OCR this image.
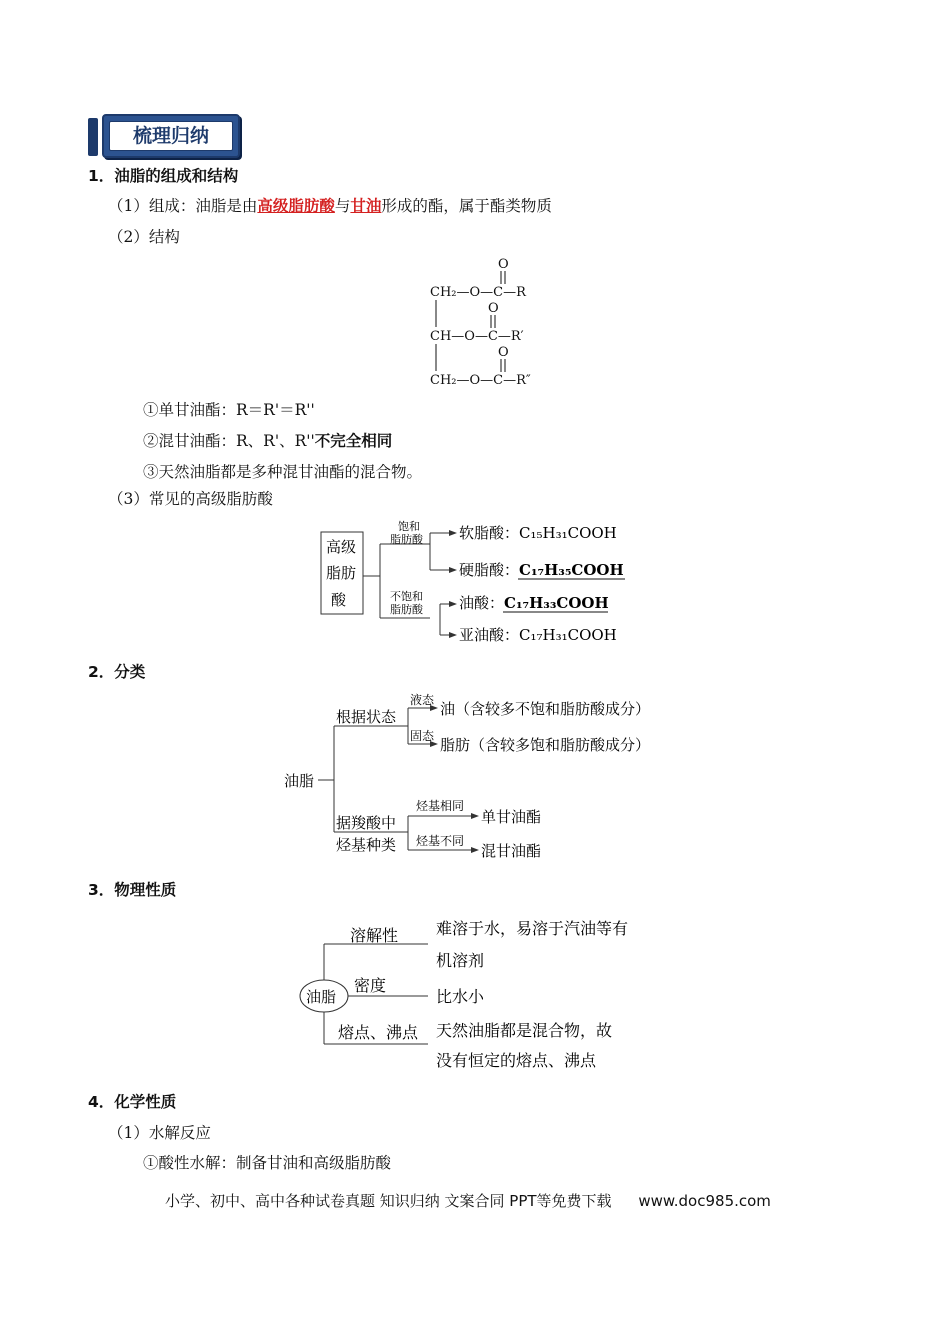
梳理归纳
1．油脂的组成和结构
（1）组成：油脂是由高级脂肪酸与甘油形成的酯，属于酯类物质
（2）结构
O
CH₂—O—C—R
O
CH—O—C—R′
O
CH₂—O—C—R″
①单甘油酯：R＝R'＝R''
②混甘油酯：R、R'、R''不完全相同
③天然油脂都是多种混甘油酯的混合物。
（3）常见的高级脂肪酸
高级
脂肪
酸
饱和
脂肪酸
不饱和
脂肪酸
软脂酸： C₁₅H₃₁COOH
硬脂酸： C₁₇H₃₅COOH
油酸： C₁₇H₃₃COOH
亚油酸： C₁₇H₃₁COOH
2．分类
油脂
根据状态
液态
固态
油（含较多不饱和脂肪酸成分）
脂肪（含较多饱和脂肪酸成分）
据羧酸中
烃基种类
烃基相同
烃基不同
单甘油酯
混甘油酯
3．物理性质
油脂
溶解性
密度
熔点、沸点
难溶于水，易溶于汽油等有
机溶剂
比水小
天然油脂都是混合物，故
没有恒定的熔点、沸点
4．化学性质
（1）水解反应
①酸性水解：制备甘油和高级脂肪酸
小学、初中、高中各种试卷真题 知识归纳 文案合同 PPT等免费下载 www.doc985.com
